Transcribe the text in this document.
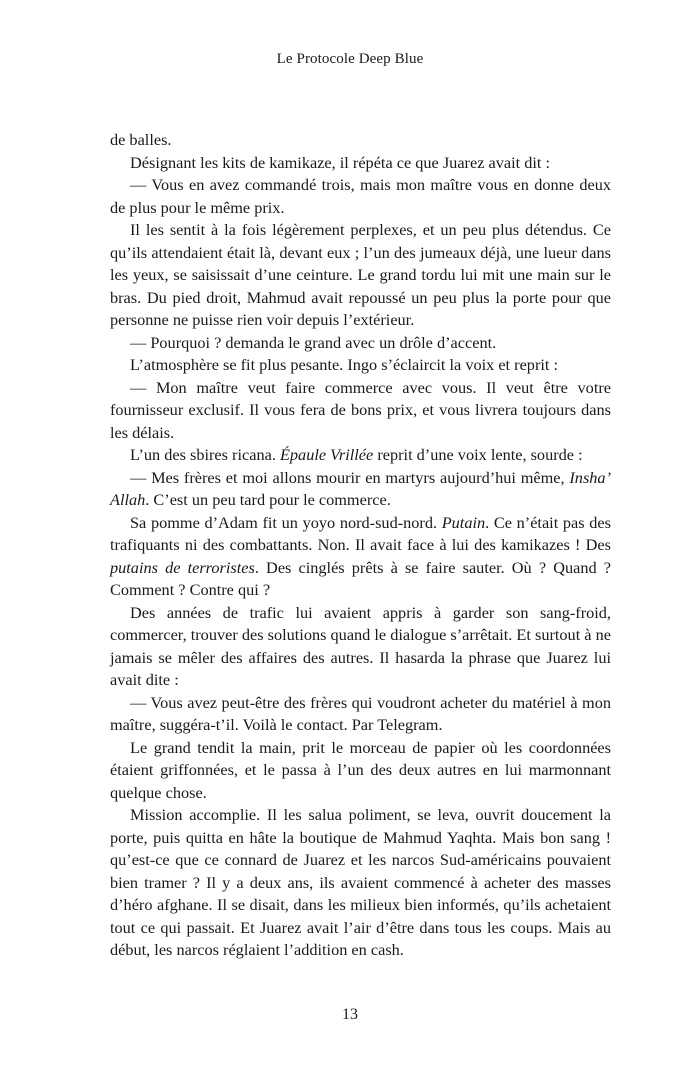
Le Protocole Deep Blue

de balles.

Désignant les kits de kamikaze, il répéta ce que Juarez avait dit :

— Vous en avez commandé trois, mais mon maître vous en donne deux de plus pour le même prix.

Il les sentit à la fois légèrement perplexes, et un peu plus détendus. Ce qu’ils attendaient était là, devant eux ; l’un des jumeaux déjà, une lueur dans les yeux, se saisissait d’une ceinture. Le grand tordu lui mit une main sur le bras. Du pied droit, Mahmud avait repoussé un peu plus la porte pour que personne ne puisse rien voir depuis l’extérieur.

— Pourquoi ? demanda le grand avec un drôle d’accent.

L’atmosphère se fit plus pesante. Ingo s’éclaircit la voix et reprit :

— Mon maître veut faire commerce avec vous. Il veut être votre fournisseur exclusif. Il vous fera de bons prix, et vous livrera toujours dans les délais.

L’un des sbires ricana. Épaule Vrillée reprit d’une voix lente, sourde :

— Mes frères et moi allons mourir en martyrs aujourd’hui même, Insha’ Allah. C’est un peu tard pour le commerce.

Sa pomme d’Adam fit un yoyo nord-sud-nord. Putain. Ce n’était pas des trafiquants ni des combattants. Non. Il avait face à lui des kamikazes ! Des putains de terroristes. Des cinglés prêts à se faire sauter. Où ? Quand ? Comment ? Contre qui ?

Des années de trafic lui avaient appris à garder son sang-froid, commercer, trouver des solutions quand le dialogue s’arrêtait. Et surtout à ne jamais se mêler des affaires des autres. Il hasarda la phrase que Juarez lui avait dite :

— Vous avez peut-être des frères qui voudront acheter du matériel à mon maître, suggéra-t’il. Voilà le contact. Par Telegram.

Le grand tendit la main, prit le morceau de papier où les coordonnées étaient griffonnées, et le passa à l’un des deux autres en lui marmonnant quelque chose.

Mission accomplie. Il les salua poliment, se leva, ouvrit doucement la porte, puis quitta en hâte la boutique de Mahmud Yaqhta. Mais bon sang ! qu’est-ce que ce connard de Juarez et les narcos Sud-américains pouvaient bien tramer ? Il y a deux ans, ils avaient commencé à acheter des masses d’héro afghane. Il se disait, dans les milieux bien informés, qu’ils achetaient tout ce qui passait. Et Juarez avait l’air d’être dans tous les coups. Mais au début, les narcos réglaient l’addition en cash.

13
